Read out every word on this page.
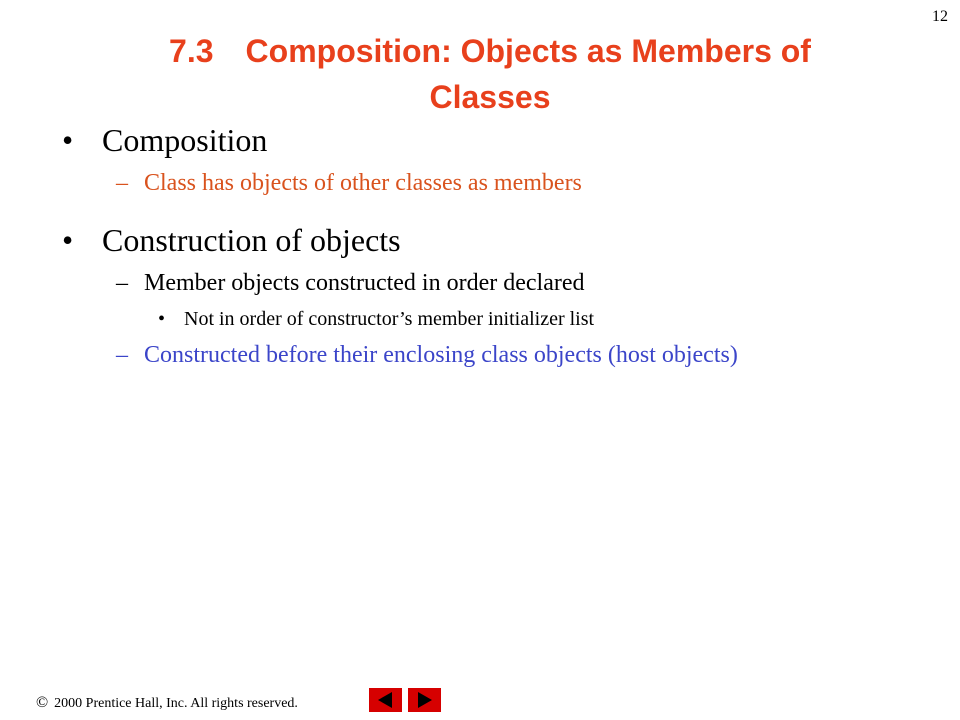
12
7.3 Composition: Objects as Members of
Classes
• Composition
– Class has objects of other classes as members
• Construction of objects
– Member objects constructed in order declared
• Not in order of constructor’s member initializer list
– Constructed before their enclosing class objects (host objects)
© 2000 Prentice Hall, Inc. All rights reserved.
